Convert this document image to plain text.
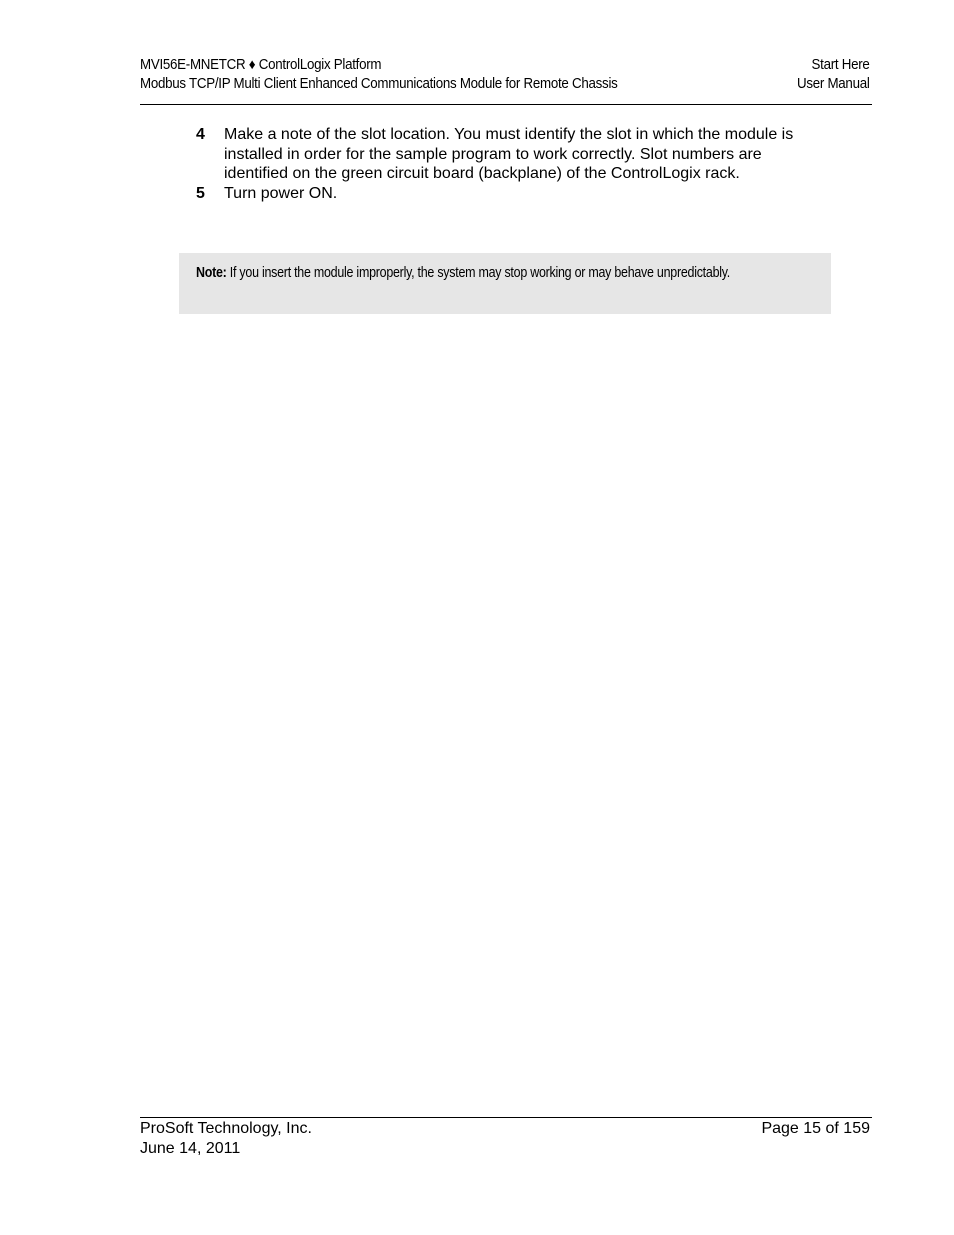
MVI56E-MNETCR ♦ ControlLogix Platform	Start Here
Modbus TCP/IP Multi Client Enhanced Communications Module for Remote Chassis	User Manual
4	Make a note of the slot location. You must identify the slot in which the module is installed in order for the sample program to work correctly. Slot numbers are identified on the green circuit board (backplane) of the ControlLogix rack.
5	Turn power ON.
Note: If you insert the module improperly, the system may stop working or may behave unpredictably.
ProSoft Technology, Inc.	Page 15 of 159
June 14, 2011
